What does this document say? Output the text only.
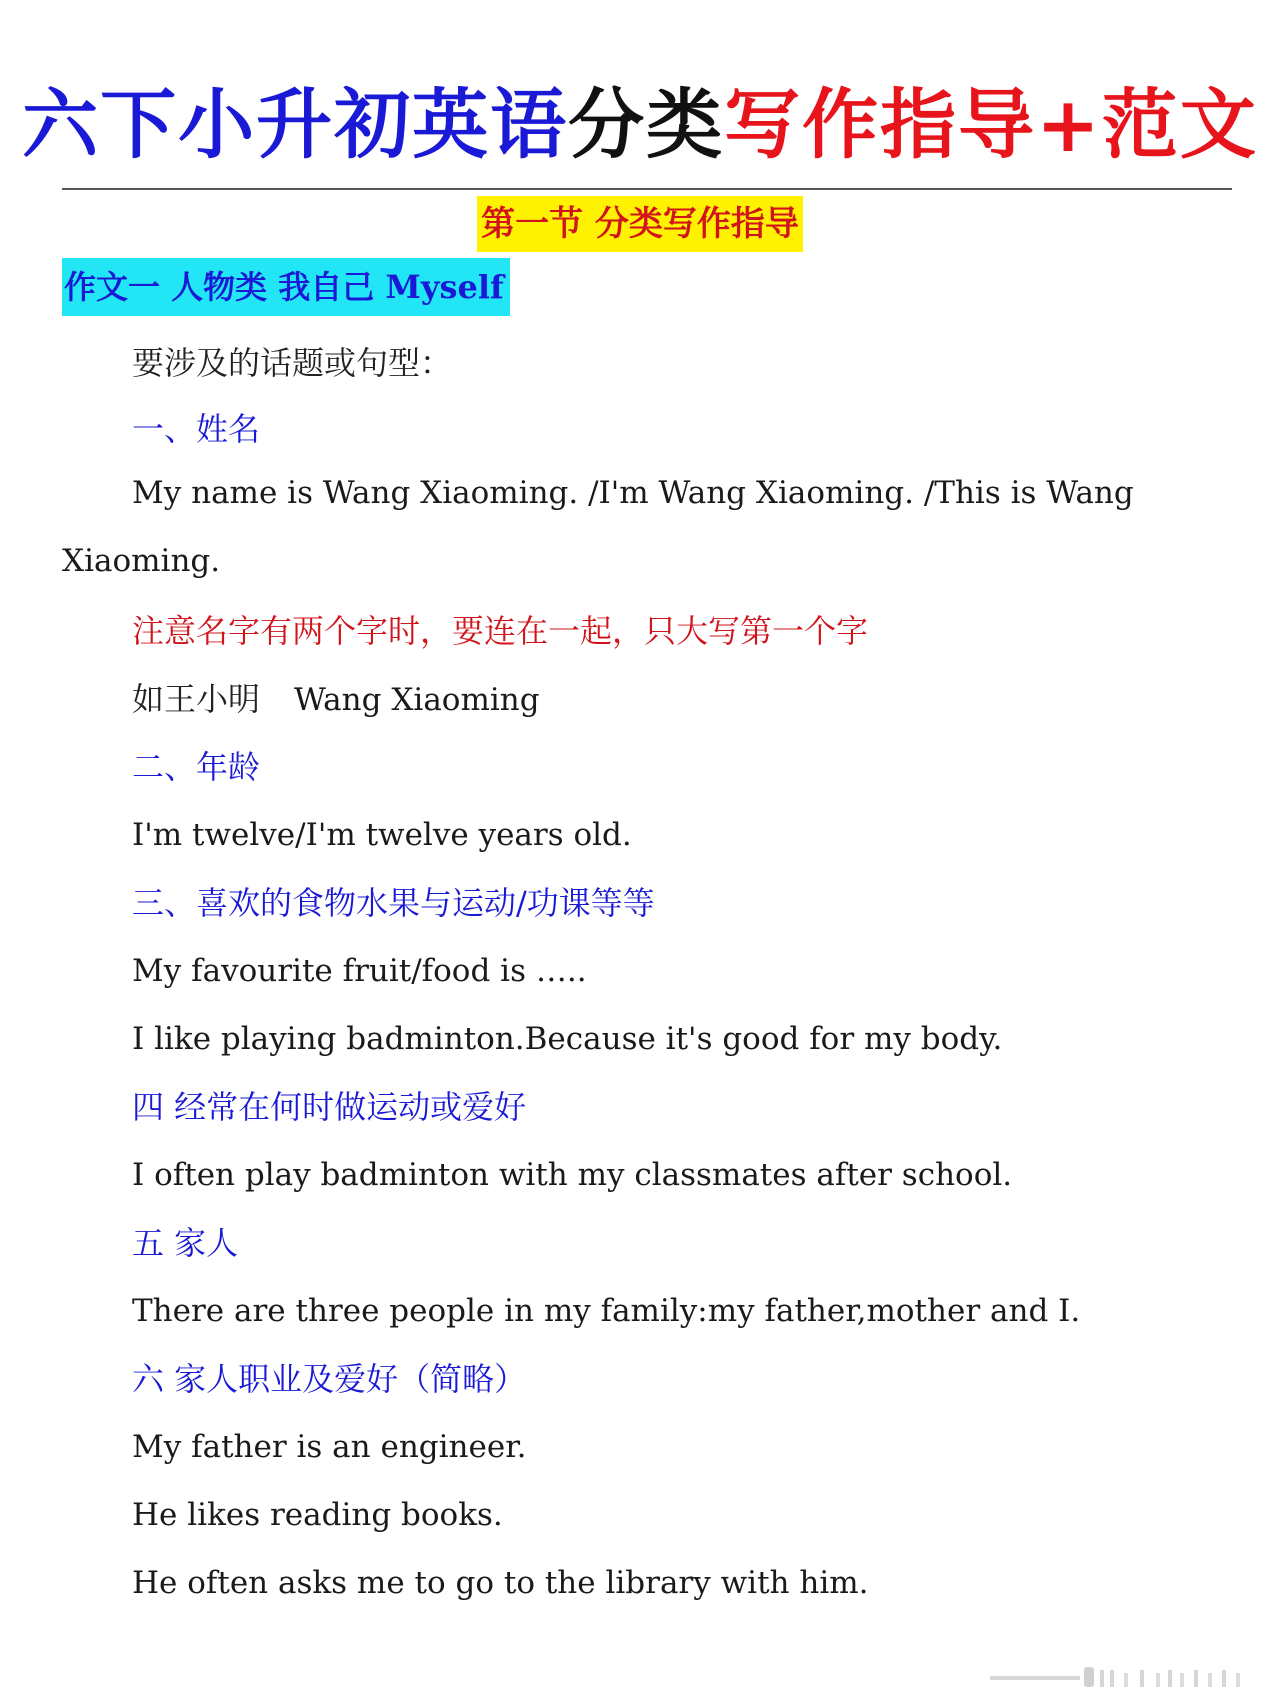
六下小升初英语分类写作指导+范文
第一节 分类写作指导
作文一 人物类 我自己 Myself
要涉及的话题或句型：
一、姓名
My name is Wang Xiaoming. /I'm Wang Xiaoming. /This is Wang
Xiaoming.
注意名字有两个字时，要连在一起，只大写第一个字
如王小明 Wang Xiaoming
二、年龄
I'm twelve/I'm twelve years old.
三、喜欢的食物水果与运动/功课等等
My favourite fruit/food is …..
I like playing badminton.Because it's good for my body.
四 经常在何时做运动或爱好
I often play badminton with my classmates after school.
五 家人
There are three people in my family:my father,mother and I.
六 家人职业及爱好（简略）
My father is an engineer.
He likes reading books.
He often asks me to go to the library with him.
